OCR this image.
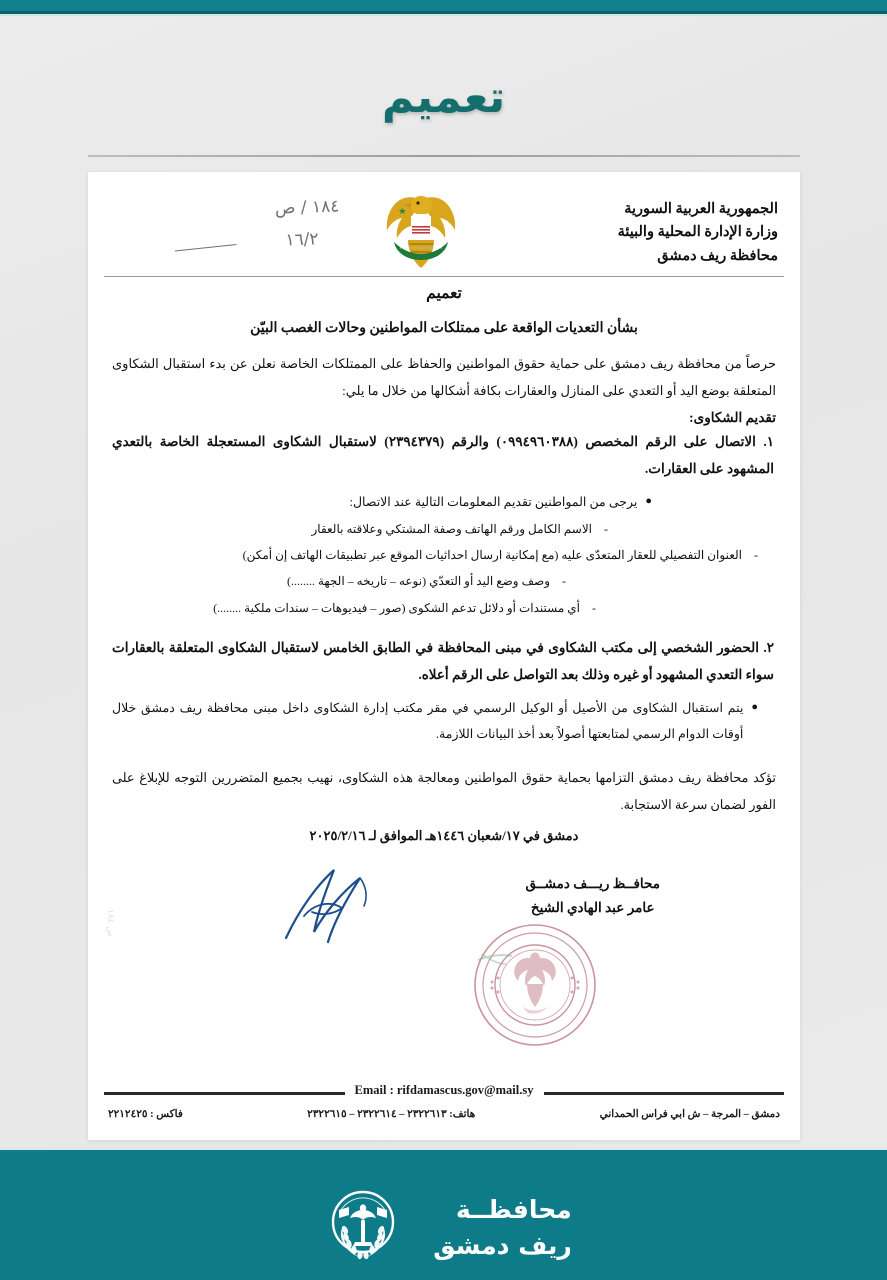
تعميم
ص ١٨٤
١٨٤ / ص
١٦/٢
الجمهورية العربية السورية
وزارة الإدارة المحلية والبيئة
محافظة ريف دمشق
تعميم
بشأن التعديات الواقعة على ممتلكات المواطنين وحالات الغصب البيّن
حرصاً من محافظة ريف دمشق على حماية حقوق المواطنين والحفاظ على الممتلكات الخاصة نعلن عن بدء استقبال الشكاوى المتعلقة بوضع اليد أو التعدي على المنازل والعقارات بكافة أشكالها من خلال ما يلي:
تقديم الشكاوى:
١. الاتصال على الرقم المخصص (٠٩٩٤٩٦٠٣٨٨) والرقم (٢٣٩٤٣٧٩) لاستقبال الشكاوى المستعجلة الخاصة بالتعدي المشهود على العقارات.
●
يرجى من المواطنين تقديم المعلومات التالية عند الاتصال:
-
الاسم الكامل ورقم الهاتف وصفة المشتكي وعلاقته بالعقار
-
العنوان التفصيلي للعقار المتعدّى عليه (مع إمكانية ارسال احداثيات الموقع عبر تطبيقات الهاتف إن أمكن)
-
وصف وضع اليد أو التعدّي (نوعه – تاريخه – الجهة ........)
-
أي مستندات أو دلائل تدعم الشكوى (صور – فيديوهات – سندات ملكية ........)
٢. الحضور الشخصي إلى مكتب الشكاوى في مبنى المحافظة في الطابق الخامس لاستقبال الشكاوى المتعلقة بالعقارات سواء التعدي المشهود أو غيره وذلك بعد التواصل على الرقم أعلاه.
●
يتم استقبال الشكاوى من الأصيل أو الوكيل الرسمي في مقر مكتب إدارة الشكاوى داخل مبنى محافظة ريف دمشق خلال أوقات الدوام الرسمي لمتابعتها أصولاً بعد أخذ البيانات اللازمة.
تؤكد محافظة ريف دمشق التزامها بحماية حقوق المواطنين ومعالجة هذه الشكاوى، نهيب بجميع المتضررين التوجه للإبلاغ على الفور لضمان سرعة الاستجابة.
دمشق في ١٧/شعبان ١٤٤٦هـ الموافق لـ ٢٠٢٥/٢/١٦
محافــظ ريـــف دمشــق
عامر عبد الهادي الشيخ
Email : rifdamascus.gov@mail.sy
دمشق – المرجة – ش ابي فراس الحمداني
هاتف: ٢٣٢٢٦١٣ – ٢٣٢٢٦١٤ – ٢٣٢٢٦١٥
فاكس : ٢٢١٢٤٢٥
محافظــة
ريف دمشق
